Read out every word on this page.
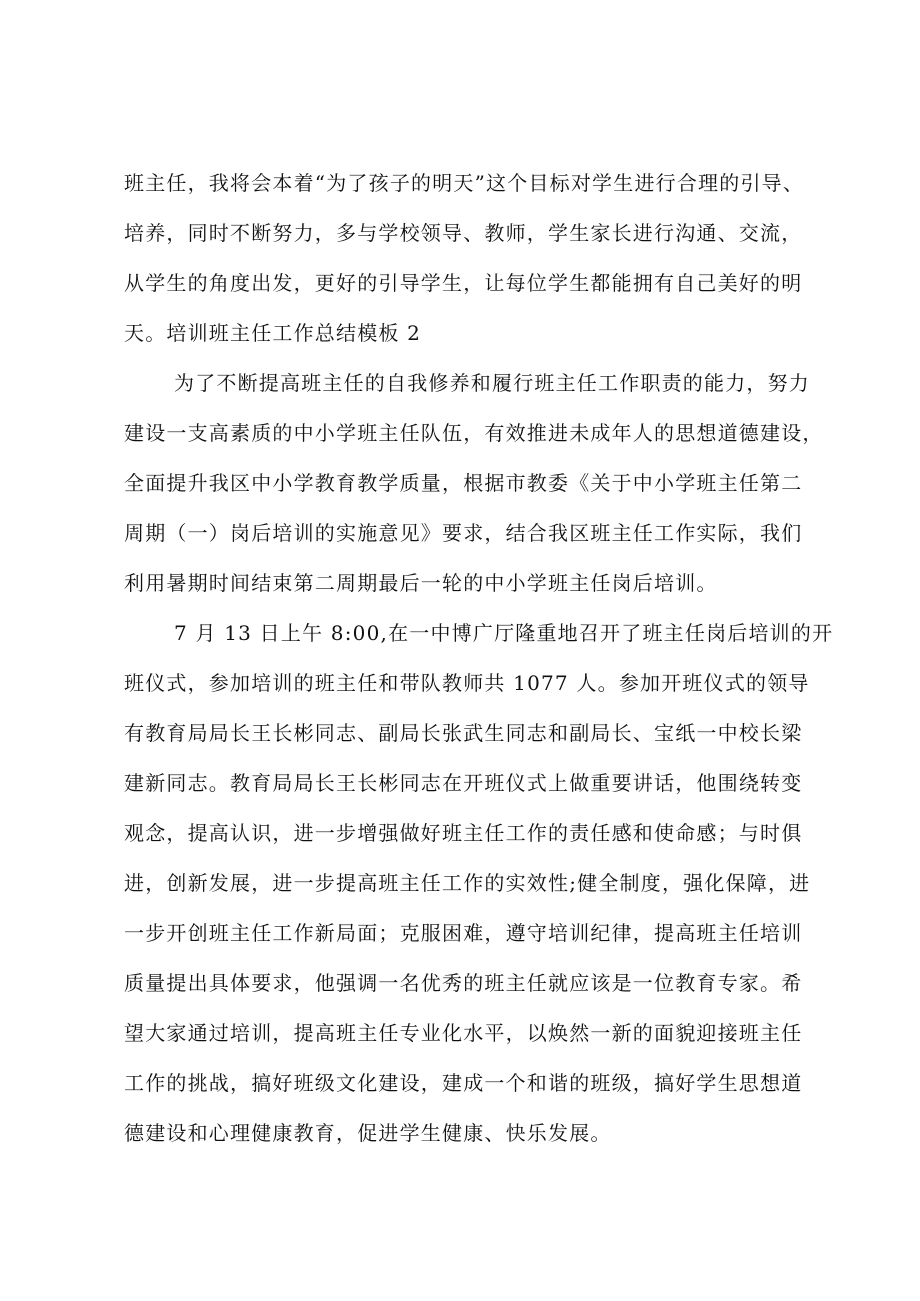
班主任，我将会本着“为了孩子的明天”这个目标对学生进行合理的引导、
培养，同时不断努力，多与学校领导、教师，学生家长进行沟通、交流，
从学生的角度出发，更好的引导学生，让每位学生都能拥有自己美好的明
天。培训班主任工作总结模板 2
为了不断提高班主任的自我修养和履行班主任工作职责的能力，努力
建设一支高素质的中小学班主任队伍，有效推进未成年人的思想道德建设，
全面提升我区中小学教育教学质量，根据市教委《关于中小学班主任第二
周期（一）岗后培训的实施意见》要求，结合我区班主任工作实际，我们
利用暑期时间结束第二周期最后一轮的中小学班主任岗后培训。
7 月 13 日上午 8:00,在一中博广厅隆重地召开了班主任岗后培训的开
班仪式，参加培训的班主任和带队教师共 1077 人。参加开班仪式的领导
有教育局局长王长彬同志、副局长张武生同志和副局长、宝纸一中校长梁
建新同志。教育局局长王长彬同志在开班仪式上做重要讲话，他围绕转变
观念，提高认识，进一步增强做好班主任工作的责任感和使命感；与时俱
进，创新发展，进一步提高班主任工作的实效性;健全制度，强化保障，进
一步开创班主任工作新局面；克服困难，遵守培训纪律，提高班主任培训
质量提出具体要求，他强调一名优秀的班主任就应该是一位教育专家。希
望大家通过培训，提高班主任专业化水平，以焕然一新的面貌迎接班主任
工作的挑战，搞好班级文化建设，建成一个和谐的班级，搞好学生思想道
德建设和心理健康教育，促进学生健康、快乐发展。
